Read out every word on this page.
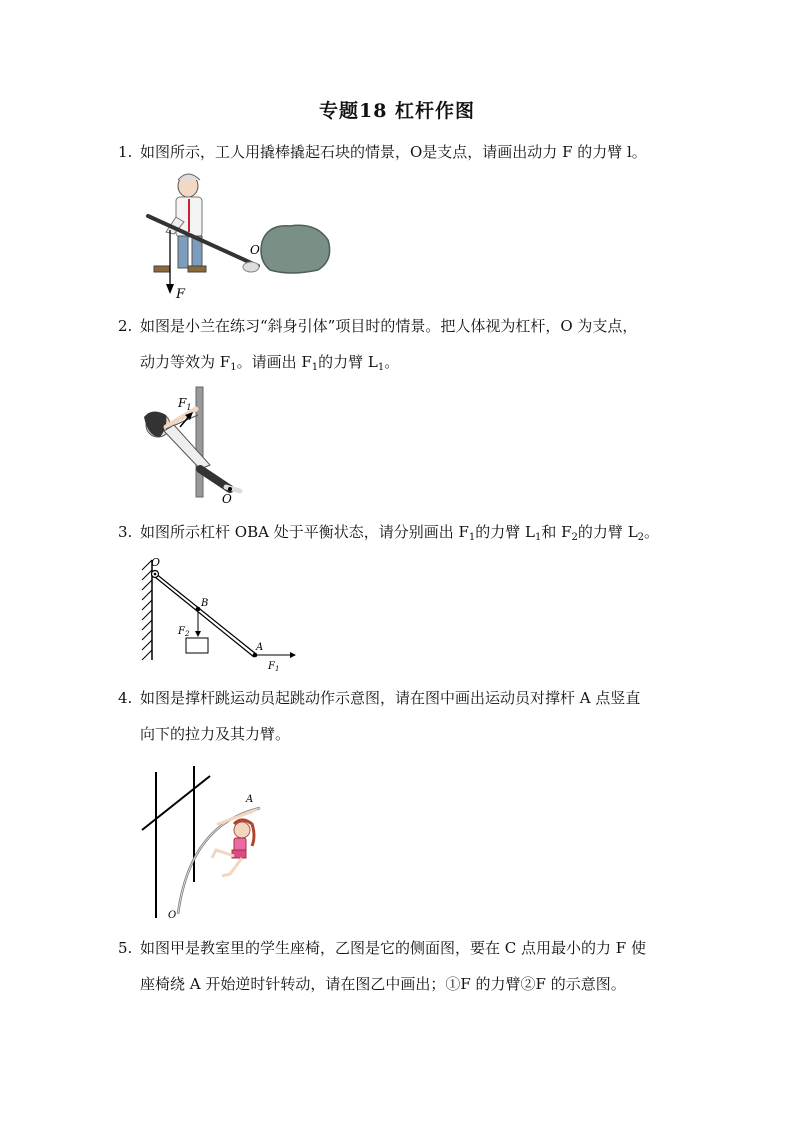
专题18 杠杆作图
1. 如图所示，工人用撬棒撬起石块的情景，O是支点，请画出动力 F 的力臂 l。
F
O
2. 如图是小兰在练习“斜身引体”项目时的情景。把人体视为杠杆，O 为支点，
动力等效为 $F_1$。请画出 $F_1$的力臂 $L_1$。
$F_1$
O
3. 如图所示杠杆 OBA 处于平衡状态，请分别画出 $F_1$的力臂 $L_1$和 $F_2$的力臂 $L_2$。
O
B
$F_2$
A
$F_1$
4. 如图是撑杆跳运动员起跳动作示意图，请在图中画出运动员对撑杆 A 点竖直
向下的拉力及其力臂。
A
O
5. 如图甲是教室里的学生座椅，乙图是它的侧面图，要在 C 点用最小的力 F 使
座椅绕 A 开始逆时针转动，请在图乙中画出；①F 的力臂②F 的示意图。
